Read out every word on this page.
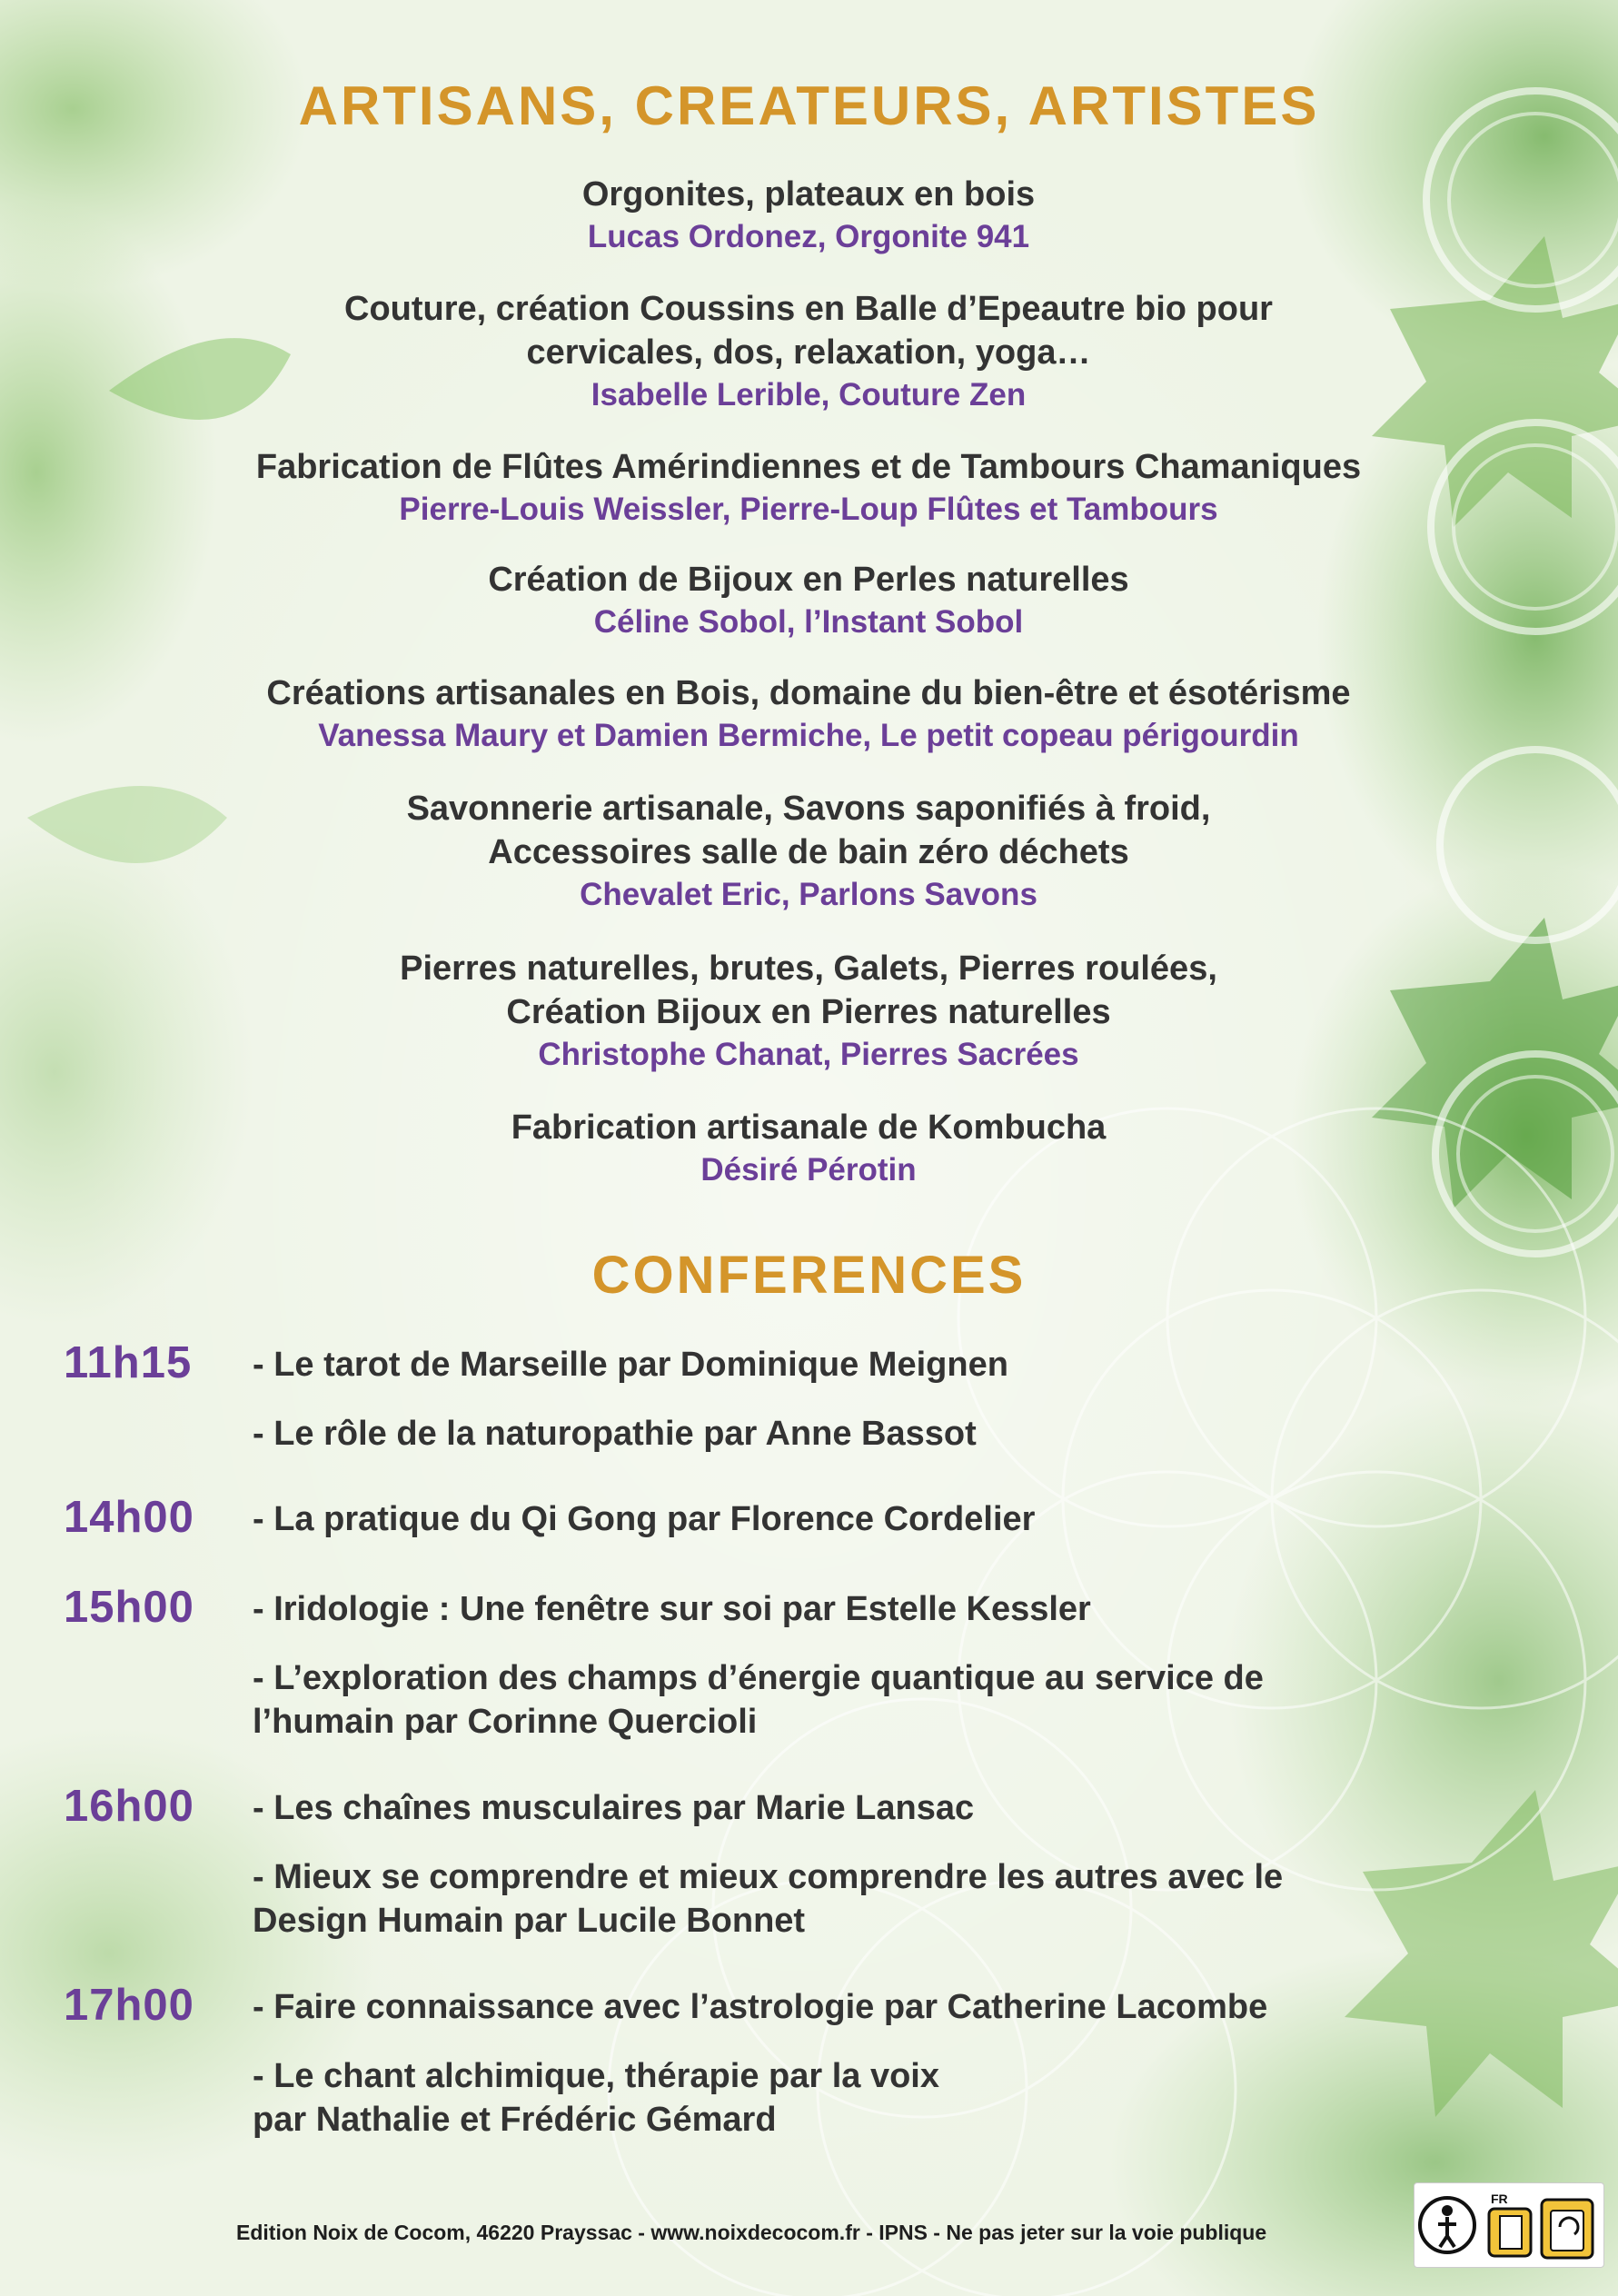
ARTISANS, CREATEURS, ARTISTES

Orgonites, plateaux en bois

Lucas Ordonez, Orgonite 941

Couture, création Coussins en Balle d’Epeautre bio pour

cervicales, dos, relaxation, yoga…

Isabelle Lerible, Couture Zen

Fabrication de Flûtes Amérindiennes et de Tambours Chamaniques

Pierre-Louis Weissler, Pierre-Loup Flûtes et Tambours

Création de Bijoux en Perles naturelles

Céline Sobol, l’Instant Sobol

Créations artisanales en Bois, domaine du bien-être et ésotérisme

Vanessa Maury et Damien Bermiche, Le petit copeau périgourdin

Savonnerie artisanale, Savons saponifiés à froid,

Accessoires salle de bain zéro déchets

Chevalet Eric, Parlons Savons

Pierres naturelles, brutes, Galets, Pierres roulées,

Création Bijoux en Pierres naturelles

Christophe Chanat, Pierres Sacrées

Fabrication artisanale de Kombucha

Désiré Pérotin

CONFERENCES
11h15 - Le tarot de Marseille par Dominique Meignen

- Le rôle de la naturopathie par Anne Bassot

14h00 - La pratique du Qi Gong par Florence Cordelier

15h00 - Iridologie : Une fenêtre sur soi par Estelle Kessler

- L’exploration des champs d’énergie quantique au service de

l’humain par Corinne Quercioli

16h00 - Les chaînes musculaires par Marie Lansac

- Mieux se comprendre et mieux comprendre les autres avec le

Design Humain par Lucile Bonnet

17h00 - Faire connaissance avec l’astrologie par Catherine Lacombe

- Le chant alchimique, thérapie par la voix

par Nathalie et Frédéric Gémard

Edition Noix de Cocom, 46220 Prayssac - www.noixdecocom.fr - IPNS - Ne pas jeter sur la voie publique
FR
